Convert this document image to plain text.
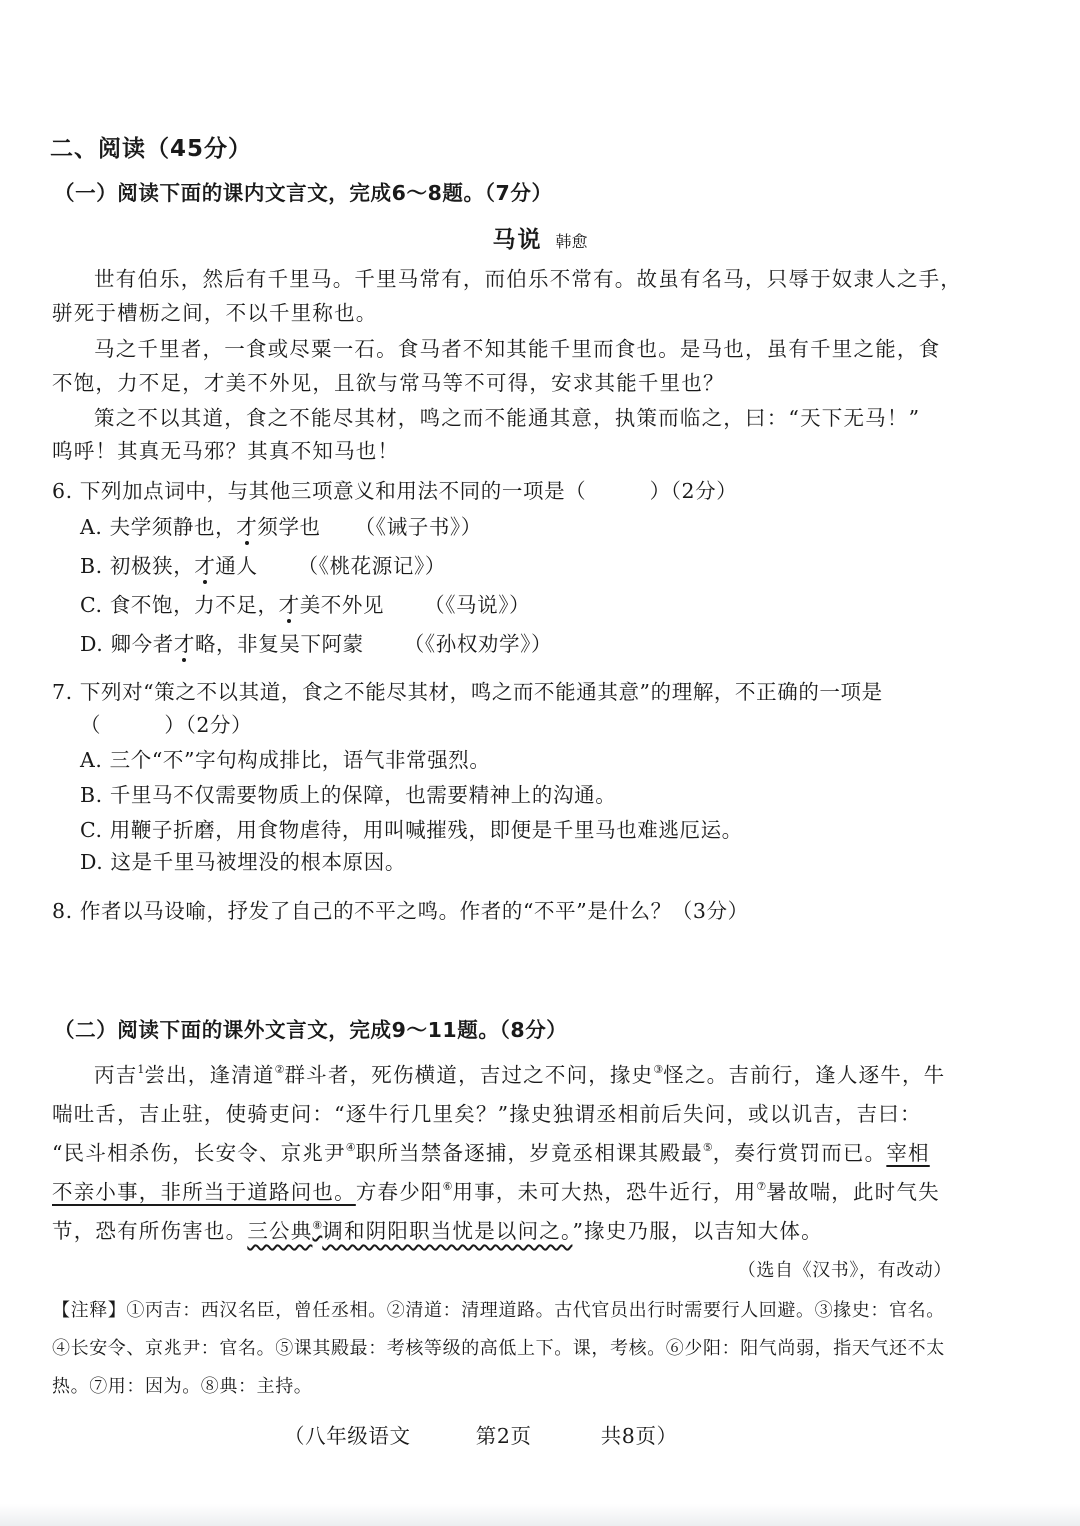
二、阅读（45分）
（一）阅读下面的课内文言文，完成6～8题。（7分）
马说 韩愈
世有伯乐，然后有千里马。千里马常有，而伯乐不常有。故虽有名马，只辱于奴隶人之手，
骈死于槽枥之间，不以千里称也。
马之千里者，一食或尽粟一石。食马者不知其能千里而食也。是马也，虽有千里之能，食
不饱，力不足，才美不外见，且欲与常马等不可得，安求其能千里也？
策之不以其道，食之不能尽其材，鸣之而不能通其意，执策而临之，曰：“天下无马！”
呜呼！其真无马邪？其真不知马也！
6. 下列加点词中，与其他三项意义和用法不同的一项是（　　　）（2分）
A. 夫学须静也，才须学也 （《诫子书》）
B. 初极狭，才通人 （《桃花源记》）
C. 食不饱，力不足，才美不外见 （《马说》）
D. 卿今者才略，非复吴下阿蒙 （《孙权劝学》）
7. 下列对“策之不以其道，食之不能尽其材，鸣之而不能通其意”的理解，不正确的一项是
（　　　）（2分）
A. 三个“不”字句构成排比，语气非常强烈。
B. 千里马不仅需要物质上的保障，也需要精神上的沟通。
C. 用鞭子折磨，用食物虐待，用叫喊摧残，即便是千里马也难逃厄运。
D. 这是千里马被埋没的根本原因。
8. 作者以马设喻，抒发了自己的不平之鸣。作者的“不平”是什么？（3分）
（二）阅读下面的课外文言文，完成9～11题。（8分）
丙吉$^1$尝出，逢清道②群斗者，死伤横道，吉过之不问，掾史③怪之。吉前行，逢人逐牛，牛
喘吐舌，吉止驻，使骑吏问：“逐牛行几里矣？”掾史独谓丞相前后失问，或以讥吉，吉曰：
“民斗相杀伤，长安令、京兆尹④职所当禁备逐捕，岁竟丞相课其殿最⑤，奏行赏罚而已。宰相
不亲小事，非所当于道路问也。方春少阳⑥用事，未可大热，恐牛近行，用⑦暑故喘，此时气失
节，恐有所伤害也。三公典⑧调和阴阳职当忧是以问之。”掾史乃服，以吉知大体。
（选自《汉书》，有改动）
【注释】①丙吉：西汉名臣，曾任丞相。②清道：清理道路。古代官员出行时需要行人回避。③掾史：官名。
④长安令、京兆尹：官名。⑤课其殿最：考核等级的高低上下。课，考核。⑥少阳：阳气尚弱，指天气还不太
热。⑦用：因为。⑧典：主持。
（八年级语文	第2页	共8页）
